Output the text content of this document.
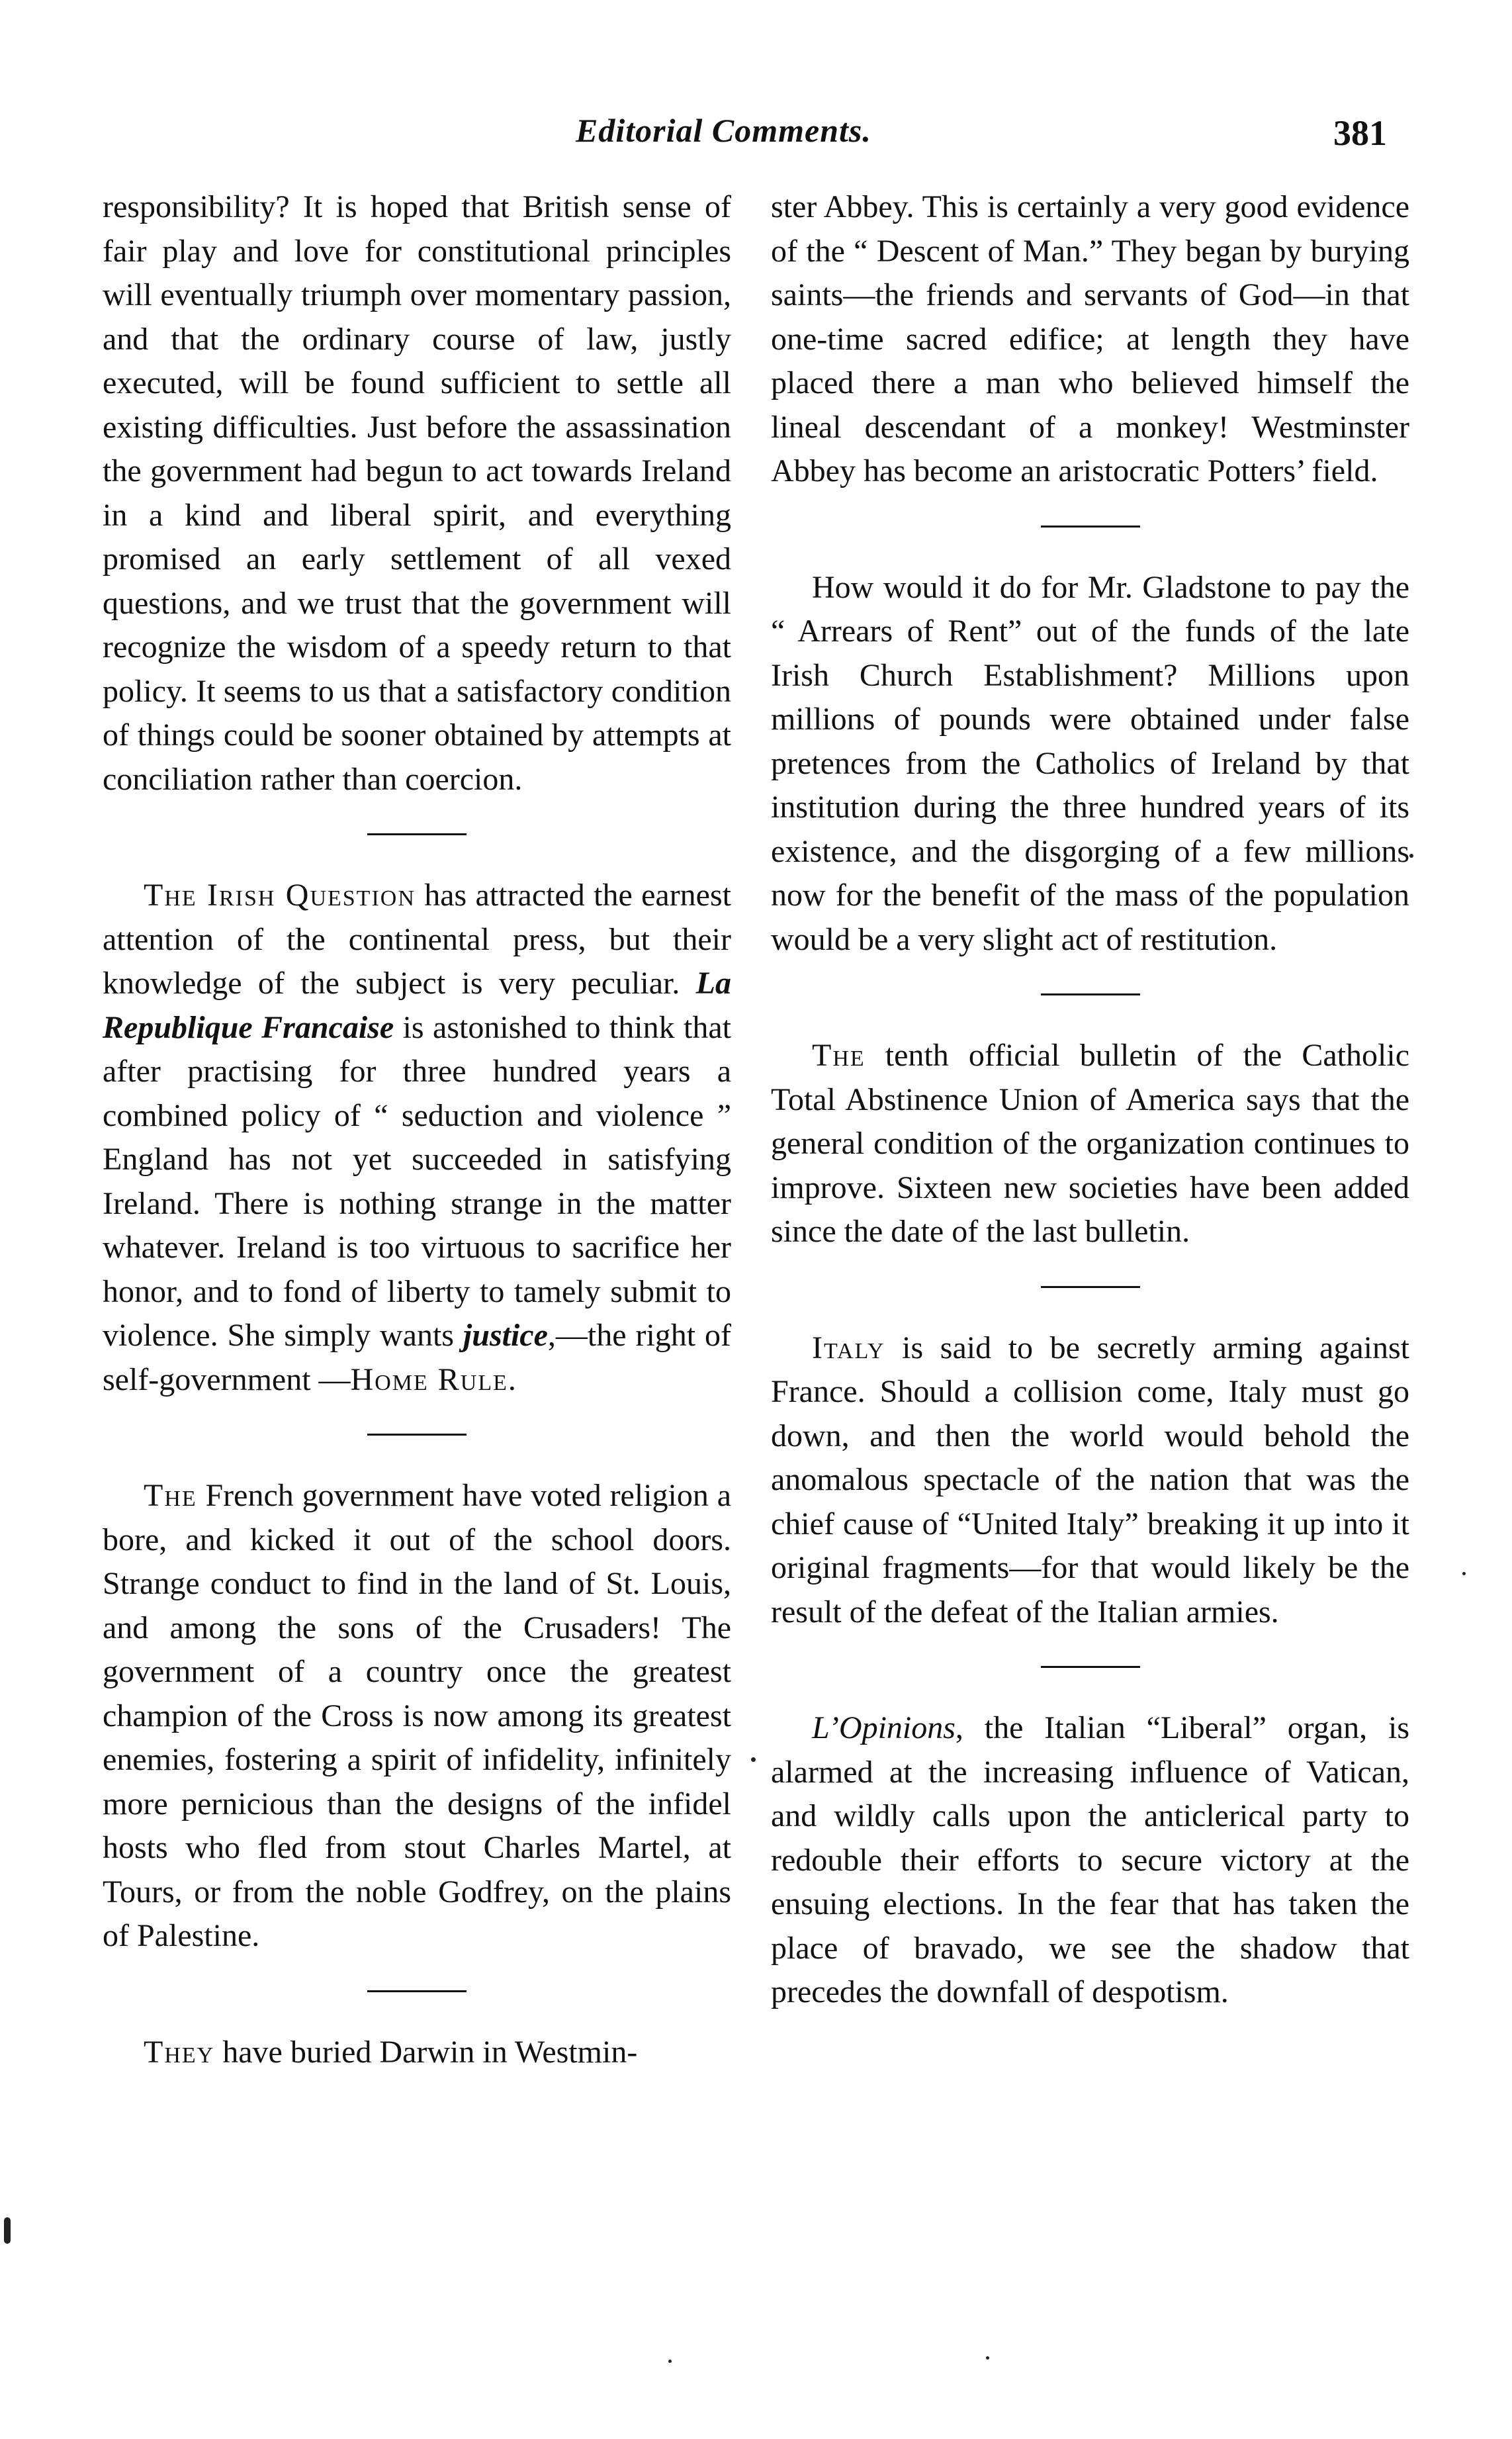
Editorial Comments.	381

responsibility? It is hoped that British sense of fair play and love for constitutional principles will eventually triumph over momentary passion, and that the ordinary course of law, justly executed, will be found sufficient to settle all existing difficulties. Just before the assassination the government had begun to act towards Ireland in a kind and liberal spirit, and everything promised an early settlement of all vexed questions, and we trust that the government will recognize the wisdom of a speedy return to that policy. It seems to us that a satisfactory condition of things could be sooner obtained by attempts at conciliation rather than coercion.

The Irish Question has attracted the earnest attention of the continental press, but their knowledge of the subject is very peculiar. La Republique Francaise is astonished to think that after practising for three hundred years a combined policy of “ seduction and violence ” England has not yet succeeded in satisfying Ireland. There is nothing strange in the matter whatever. Ireland is too virtuous to sacrifice her honor, and to fond of liberty to tamely submit to violence. She simply wants justice,—the right of self-government —Home Rule.

The French government have voted religion a bore, and kicked it out of the school doors. Strange conduct to find in the land of St. Louis, and among the sons of the Crusaders! The government of a country once the greatest champion of the Cross is now among its greatest enemies, fostering a spirit of infidelity, infinitely more pernicious than the designs of the infidel hosts who fled from stout Charles Martel, at Tours, or from the noble Godfrey, on the plains of Palestine.

They have buried Darwin in Westmin-

ster Abbey. This is certainly a very good evidence of the “ Descent of Man.” They began by burying saints—the friends and servants of God—in that one-time sacred edifice; at length they have placed there a man who believed himself the lineal descendant of a monkey! Westminster Abbey has become an aristocratic Potters’ field.

How would it do for Mr. Gladstone to pay the “ Arrears of Rent” out of the funds of the late Irish Church Establishment? Millions upon millions of pounds were obtained under false pretences from the Catholics of Ireland by that institution during the three hundred years of its existence, and the disgorging of a few millions now for the benefit of the mass of the population would be a very slight act of restitution.

The tenth official bulletin of the Catholic Total Abstinence Union of America says that the general condition of the organization continues to improve. Sixteen new societies have been added since the date of the last bulletin.

Italy is said to be secretly arming against France. Should a collision come, Italy must go down, and then the world would behold the anomalous spectacle of the nation that was the chief cause of “United Italy” breaking it up into it original fragments—for that would likely be the result of the defeat of the Italian armies.

L’Opinions, the Italian “Liberal” organ, is alarmed at the increasing influence of Vatican, and wildly calls upon the anticlerical party to redouble their efforts to secure victory at the ensuing elections. In the fear that has taken the place of bravado, we see the shadow that precedes the downfall of despotism.
